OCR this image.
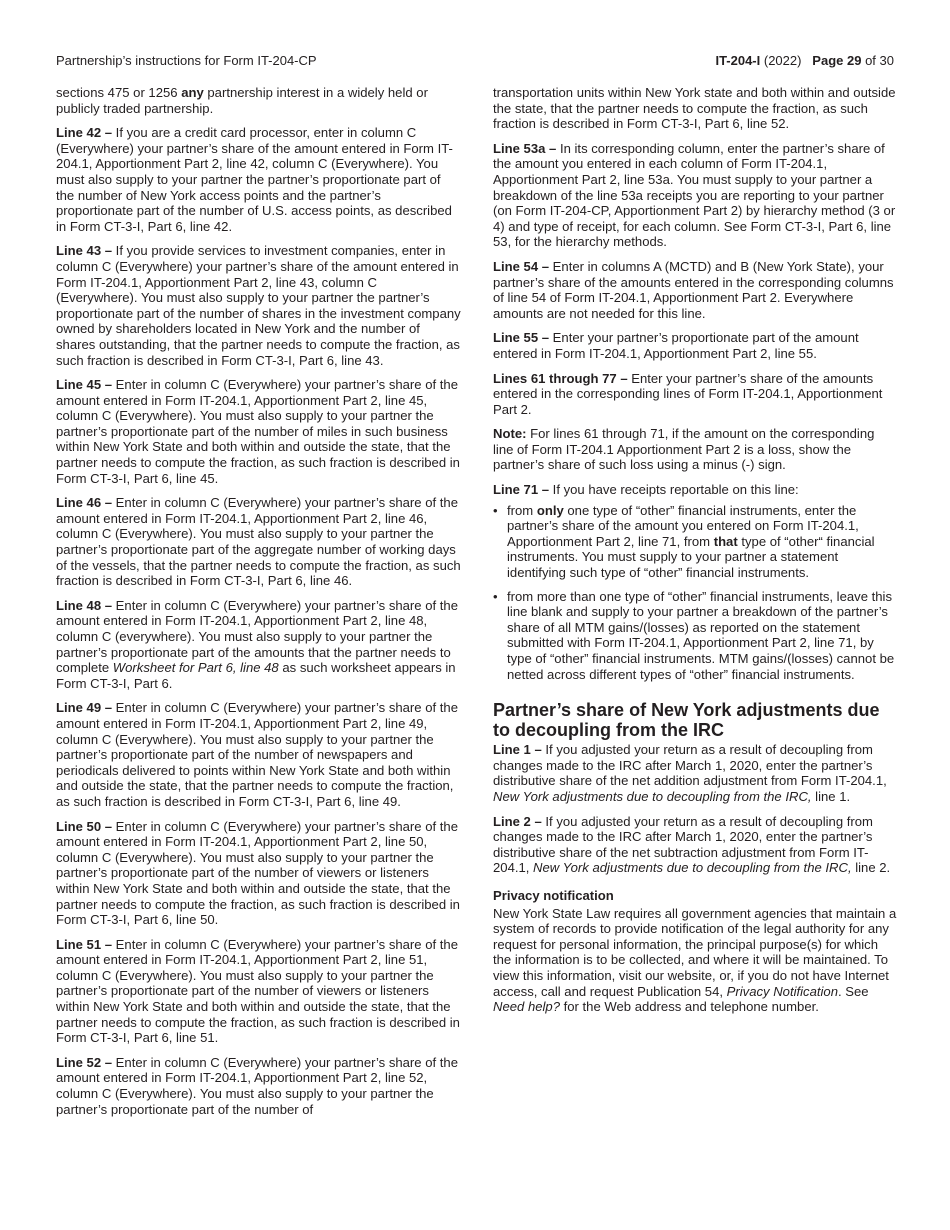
Partnership’s instructions for Form IT-204-CP	IT-204-I (2022) Page 29 of 30

sections 475 or 1256 any partnership interest in a widely held or publicly traded partnership.

Line 42 – If you are a credit card processor, enter in column C (Everywhere) your partner’s share of the amount entered in Form IT-204.1, Apportionment Part 2, line 42, column C (Everywhere). You must also supply to your partner the partner’s proportionate part of the number of New York access points and the partner’s proportionate part of the number of U.S. access points, as described in Form CT-3-I, Part 6, line 42.

Line 43 – If you provide services to investment companies, enter in column C (Everywhere) your partner’s share of the amount entered in Form IT-204.1, Apportionment Part 2, line 43, column C (Everywhere). You must also supply to your partner the partner’s proportionate part of the number of shares in the investment company owned by shareholders located in New York and the number of shares outstanding, that the partner needs to compute the fraction, as such fraction is described in Form CT-3-I, Part 6, line 43.

Line 45 – Enter in column C (Everywhere) your partner’s share of the amount entered in Form IT-204.1, Apportionment Part 2, line 45, column C (Everywhere). You must also supply to your partner the partner’s proportionate part of the number of miles in such business within New York State and both within and outside the state, that the partner needs to compute the fraction, as such fraction is described in Form CT-3-I, Part 6, line 45.

Line 46 – Enter in column C (Everywhere) your partner’s share of the amount entered in Form IT-204.1, Apportionment Part 2, line 46, column C (Everywhere). You must also supply to your partner the partner’s proportionate part of the aggregate number of working days of the vessels, that the partner needs to compute the fraction, as such fraction is described in Form CT-3-I, Part 6, line 46.

Line 48 – Enter in column C (Everywhere) your partner’s share of the amount entered in Form IT-204.1, Apportionment Part 2, line 48, column C (everywhere). You must also supply to your partner the partner’s proportionate part of the amounts that the partner needs to complete Worksheet for Part 6, line 48 as such worksheet appears in Form CT-3-I, Part 6.

Line 49 – Enter in column C (Everywhere) your partner’s share of the amount entered in Form IT-204.1, Apportionment Part 2, line 49, column C (Everywhere). You must also supply to your partner the partner’s proportionate part of the number of newspapers and periodicals delivered to points within New York State and both within and outside the state, that the partner needs to compute the fraction, as such fraction is described in Form CT-3-I, Part 6, line 49.

Line 50 – Enter in column C (Everywhere) your partner’s share of the amount entered in Form IT-204.1, Apportionment Part 2, line 50, column C (Everywhere). You must also supply to your partner the partner’s proportionate part of the number of viewers or listeners within New York State and both within and outside the state, that the partner needs to compute the fraction, as such fraction is described in Form CT-3-I, Part 6, line 50.

Line 51 – Enter in column C (Everywhere) your partner’s share of the amount entered in Form IT-204.1, Apportionment Part 2, line 51, column C (Everywhere). You must also supply to your partner the partner’s proportionate part of the number of viewers or listeners within New York State and both within and outside the state, that the partner needs to compute the fraction, as such fraction is described in Form CT-3-I, Part 6, line 51.

Line 52 – Enter in column C (Everywhere) your partner’s share of the amount entered in Form IT-204.1, Apportionment Part 2, line 52, column C (Everywhere). You must also supply to your partner the partner’s proportionate part of the number of

transportation units within New York state and both within and outside the state, that the partner needs to compute the fraction, as such fraction is described in Form CT-3-I, Part 6, line 52.

Line 53a – In its corresponding column, enter the partner’s share of the amount you entered in each column of Form IT-204.1, Apportionment Part 2, line 53a. You must supply to your partner a breakdown of the line 53a receipts you are reporting to your partner (on Form IT-204-CP, Apportionment Part 2) by hierarchy method (3 or 4) and type of receipt, for each column. See Form CT-3-I, Part 6, line 53, for the hierarchy methods.

Line 54 – Enter in columns A (MCTD) and B (New York State), your partner’s share of the amounts entered in the corresponding columns of line 54 of Form IT-204.1, Apportionment Part 2. Everywhere amounts are not needed for this line.

Line 55 – Enter your partner’s proportionate part of the amount entered in Form IT-204.1, Apportionment Part 2, line 55.

Lines 61 through 77 – Enter your partner’s share of the amounts entered in the corresponding lines of Form IT-204.1, Apportionment Part 2.

Note: For lines 61 through 71, if the amount on the corresponding line of Form IT-204.1 Apportionment Part 2 is a loss, show the partner’s share of such loss using a minus (-) sign.

Line 71 – If you have receipts reportable on this line:

• from only one type of “other” financial instruments, enter the partner’s share of the amount you entered on Form IT-204.1, Apportionment Part 2, line 71, from that type of “other“ financial instruments. You must supply to your partner a statement identifying such type of “other” financial instruments.
• from more than one type of “other” financial instruments, leave this line blank and supply to your partner a breakdown of the partner’s share of all MTM gains/(losses) as reported on the statement submitted with Form IT-204.1, Apportionment Part 2, line 71, by type of “other” financial instruments. MTM gains/(losses) cannot be netted across different types of “other” financial instruments.
Partner’s share of New York adjustments due to decoupling from the IRC

Line 1 – If you adjusted your return as a result of decoupling from changes made to the IRC after March 1, 2020, enter the partner’s distributive share of the net addition adjustment from Form IT-204.1, New York adjustments due to decoupling from the IRC, line 1.

Line 2 – If you adjusted your return as a result of decoupling from changes made to the IRC after March 1, 2020, enter the partner’s distributive share of the net subtraction adjustment from Form IT-204.1, New York adjustments due to decoupling from the IRC, line 2.

Privacy notification

New York State Law requires all government agencies that maintain a system of records to provide notification of the legal authority for any request for personal information, the principal purpose(s) for which the information is to be collected, and where it will be maintained. To view this information, visit our website, or, if you do not have Internet access, call and request Publication 54, Privacy Notification. See Need help? for the Web address and telephone number.
